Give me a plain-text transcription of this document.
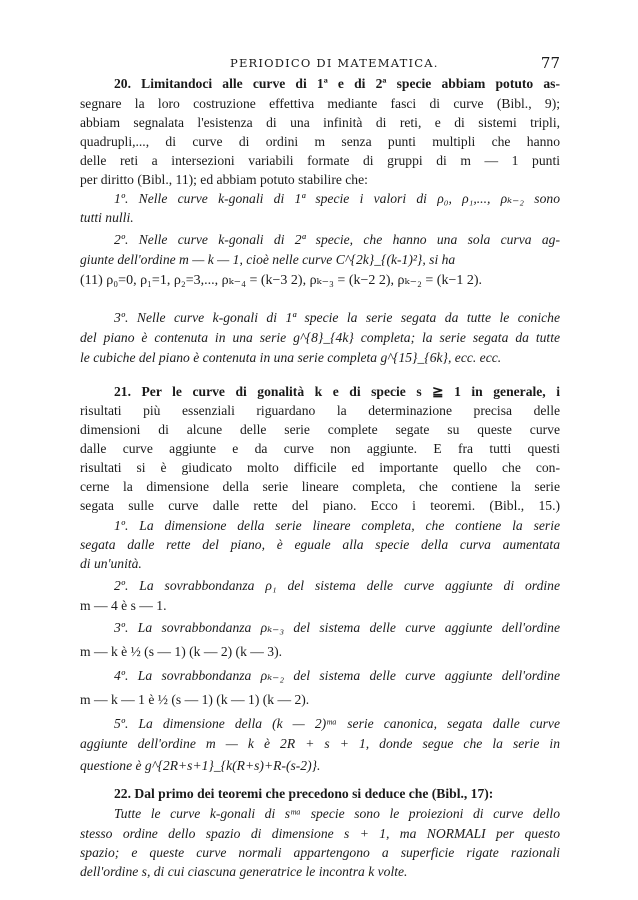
PERIODICO DI MATEMATICA.	77
20. Limitandoci alle curve di 1ª e di 2ª specie abbiam potuto as-
segnare la loro costruzione effettiva mediante fasci di curve (Bibl., 9);
abbiam segnalata l'esistenza di una infinità di reti, e di sistemi tripli,
quadrupli,..., di curve di ordini m senza punti multipli che hanno
delle reti a intersezioni variabili formate di gruppi di m — 1 punti
per diritto (Bibl., 11); ed abbiam potuto stabilire che:
1º. Nelle curve k-gonali di 1ª specie i valori di ρ₀, ρ₁,..., ρₖ₋₂ sono
tutti nulli.
2º. Nelle curve k-gonali di 2ª specie, che hanno una sola curva ag-
giunte dell'ordine m — k — 1, cioè nelle curve C^{2k}_{(k-1)²}, si ha
(11) ρ₀=0, ρ₁=1, ρ₂=3,..., ρₖ₋₄ = (k−3 2), ρₖ₋₃ = (k−2 2), ρₖ₋₂ = (k−1 2).
3º. Nelle curve k-gonali di 1ª specie la serie segata da tutte le coniche
del piano è contenuta in una serie g^{8}_{4k} completa; la serie segata da tutte
le cubiche del piano è contenuta in una serie completa g^{15}_{6k}, ecc. ecc.
21. Per le curve di gonalità k e di specie s ≧ 1 in generale, i
risultati più essenziali riguardano la determinazione precisa delle
dimensioni di alcune delle serie complete segate su queste curve
dalle curve aggiunte e da curve non aggiunte. E fra tutti questi
risultati si è giudicato molto difficile ed importante quello che con-
cerne la dimensione della serie lineare completa, che contiene la serie
segata sulle curve dalle rette del piano. Ecco i teoremi. (Bibl., 15.)
1º. La dimensione della serie lineare completa, che contiene la serie
segata dalle rette del piano, è eguale alla specie della curva aumentata
di un'unità.
2º. La sovrabbondanza ρ₁ del sistema delle curve aggiunte di ordine
m — 4 è s — 1.
3º. La sovrabbondanza ρₖ₋₃ del sistema delle curve aggiunte dell'ordine
m — k è ½ (s — 1) (k — 2) (k — 3).
4º. La sovrabbondanza ρₖ₋₂ del sistema delle curve aggiunte dell'ordine
m — k — 1 è ½ (s — 1) (k — 1) (k — 2).
5º. La dimensione della (k — 2)ᵐᵃ serie canonica, segata dalle curve
aggiunte dell'ordine m — k è 2R + s + 1, donde segue che la serie in
questione è g^{2R+s+1}_{k(R+s)+R-(s-2)}.
22. Dal primo dei teoremi che precedono si deduce che (Bibl., 17):
Tutte le curve k-gonali di sᵐᵃ specie sono le proiezioni di curve dello
stesso ordine dello spazio di dimensione s + 1, ma NORMALI per questo
spazio; e queste curve normali appartengono a superficie rigate razionali
dell'ordine s, di cui ciascuna generatrice le incontra k volte.
